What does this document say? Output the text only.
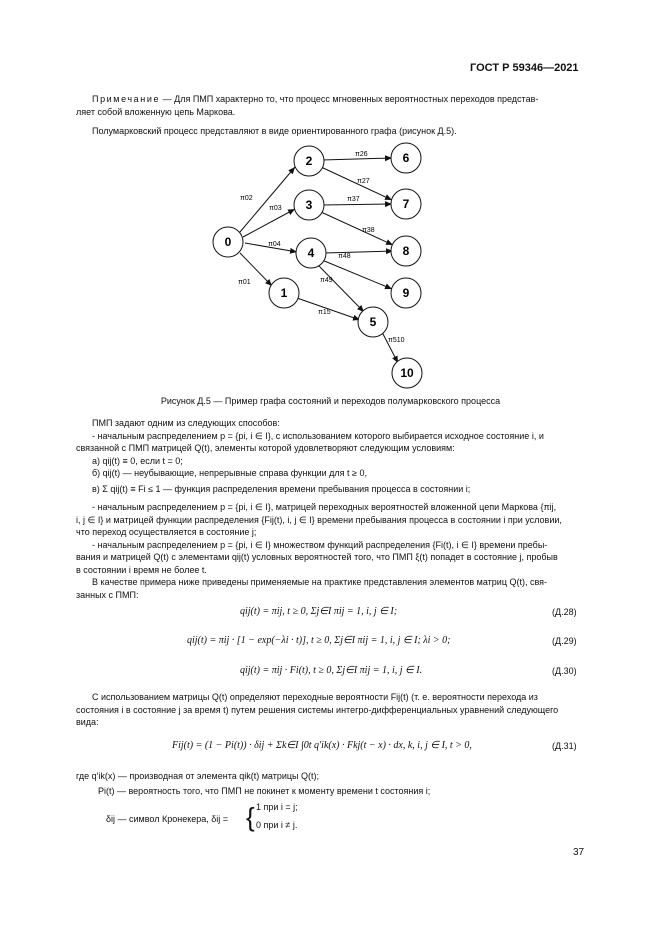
ГОСТ Р 59346—2021
Примечание — Для ПМП характерно то, что процесс мгновенных вероятностных переходов представ-
ляет собой вложенную цепь Маркова.
Полумарковский процесс представляют в виде ориентированного графа (рисунок Д.5).
π02
π03
π04
π01
π26
π27
π37
π38
π48
π49
π15
π510
0
1
2
3
4
5
6
7
8
9
10
Рисунок Д.5 — Пример графа состояний и переходов полумарковского процесса
ПМП задают одним из следующих способов:
- начальным распределением p = {pi, i ∈ I}, с использованием которого выбирается исходное состояние i, и
связанной с ПМП матрицей Q(t), элементы которой удовлетворяют следующим условиям:
а) qij(t) ≡ 0, если t = 0;
б) qij(t) — неубывающие, непрерывные справа функции для t ≥ 0,
в) Σ qij(t) ≡ Fi ≤ 1 — функция распределения времени пребывания процесса в состоянии i;
- начальным распределением p = {pi, i ∈ I}, матрицей переходных вероятностей вложенной цепи Маркова {πij,
i, j ∈ I} и матрицей функции распределения {Fij(t), i, j ∈ I} времени пребывания процесса в состоянии i при условии,
что переход осуществляется в состояние j;
- начальным распределением p = {pi, i ∈ I} множеством функций распределения {Fi(t), i ∈ I} времени пребы-
вания и матрицей Q(t) с элементами qij(t) условных вероятностей того, что ПМП ξ(t) попадет в состояние j, пробыв
в состоянии i время не более t.
В качестве примера ниже приведены применяемые на практике представления элементов матриц Q(t), свя-
занных с ПМП:
qij(t) = πij, t ≥ 0, Σj∈I πij = 1, i, j ∈ I;	(Д.28)
qij(t) = πij · [1 − exp(−λi · t)], t ≥ 0, Σj∈I πij = 1, i, j ∈ I; λi > 0;	(Д.29)
qij(t) = πij · Fi(t), t ≥ 0, Σj∈I πij = 1, i, j ∈ I.	(Д.30)
С использованием матрицы Q(t) определяют переходные вероятности Fij(t) (т. е. вероятности перехода из
состояния i в состояние j за время t) путем решения системы интегро-дифференциальных уравнений следующего
вида:
Fij(t) = (1 − Pi(t)) · δij + Σk∈I ∫0t q′ik(x) · Fkj(t − x) · dx, k, i, j ∈ I, t > 0,	(Д.31)
где q′ik(x) — производная от элемента qik(t) матрицы Q(t);
Pi(t) — вероятность того, что ПМП не покинет к моменту времени t состояния i;
δij — символ Кронекера, δij = { 1 при i = j;
0 при i ≠ j.
37
